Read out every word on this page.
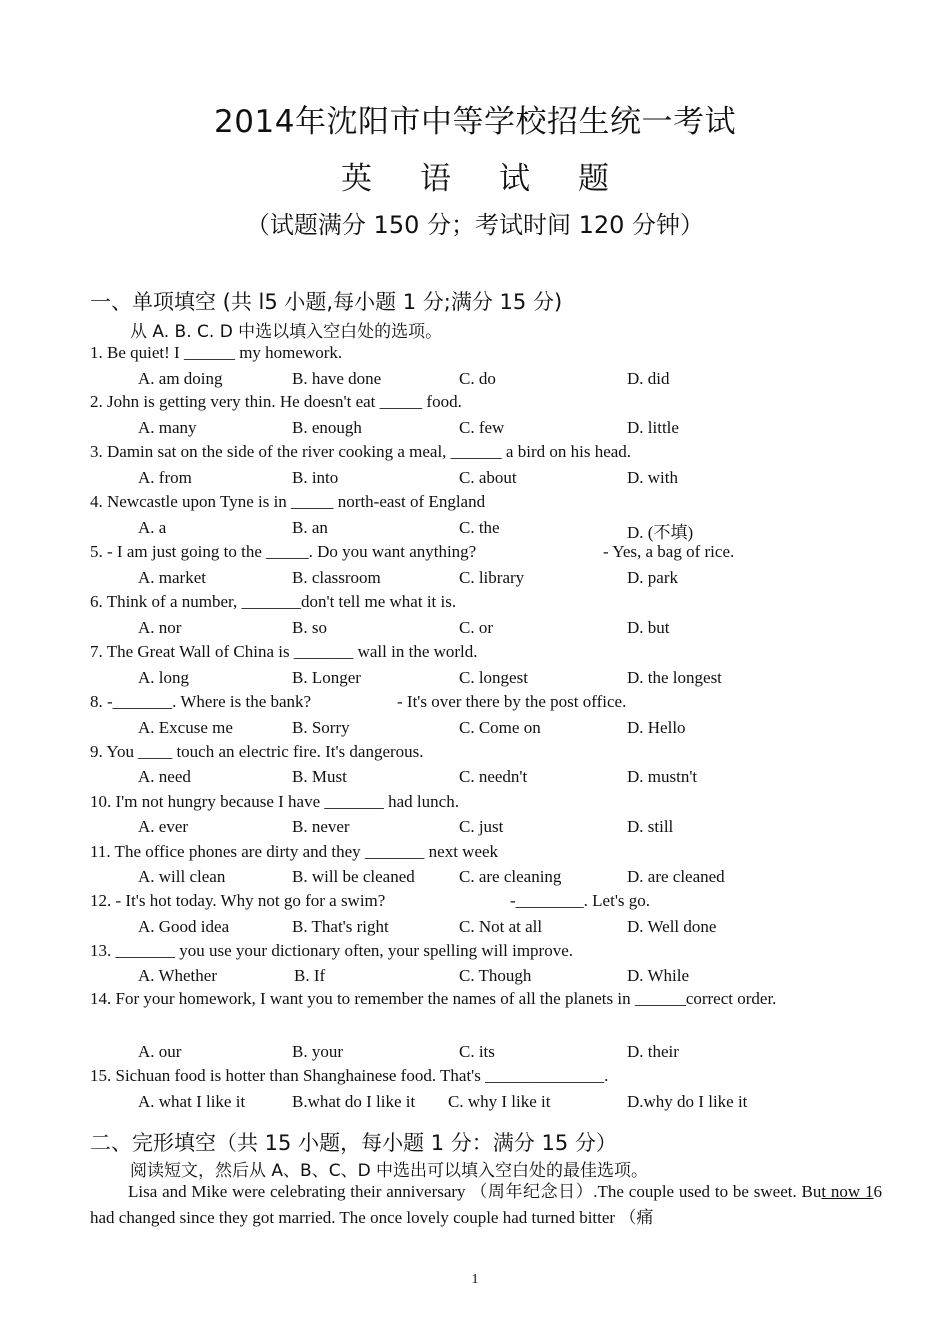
2014年沈阳市中等学校招生统一考试
英 语 试 题
（试题满分 150 分；考试时间 120 分钟）
一、单项填空 (共 l5 小题,每小题 1 分;满分 15 分)
从 A. B. C. D 中选以填入空白处的选项。
1. Be quiet! I ______ my homework.
A. am doing	B. have done	C. do	D. did
2. John is getting very thin. He doesn't eat _____ food.
A. many	B. enough	C. few	D. little
3. Damin sat on the side of the river cooking a meal, ______ a bird on his head.
A. from	B. into	C. about	D. with
4. Newcastle upon Tyne is in _____ north-east of England
A. a	B. an	C. the	D. (不填)
5. - I am just going to the _____. Do you want anything?	- Yes, a bag of rice.
A. market	B. classroom	C. library	D. park
6. Think of a number, _______don't tell me what it is.
A. nor	B. so	C. or	D. but
7. The Great Wall of China is _______ wall in the world.
A. long	B. Longer	C. longest	D. the longest
8. -_______. Where is the bank?	- It's over there by the post office.
A. Excuse me	B. Sorry	C. Come on	D. Hello
9. You ____ touch an electric fire. It's dangerous.
A. need	B. Must	C. needn't	D. mustn't
10. I'm not hungry because I have _______ had lunch.
A. ever	B. never	C. just	D. still
11. The office phones are dirty and they _______ next week
A. will clean	B. will be cleaned	C. are cleaning	D. are cleaned
12. - It's hot today. Why not go for a swim?	-________. Let's go.
A. Good idea	B. That's right	C. Not at all	D. Well done
13. _______ you use your dictionary often, your spelling will improve.
A. Whether	B. If	C. Though	D. While
14. For your homework, I want you to remember the names of all the planets in ______correct order.
A. our	B. your	C. its	D. their
15. Sichuan food is hotter than Shanghainese food. That's ______________.
A. what I like it	B.what do I like it C. why I like it	D.why do I like it
二、完形填空（共 15 小题，每小题 1 分：满分 15 分）
阅读短文，然后从 A、B、C、D 中选出可以填入空白处的最佳选项。
Lisa and Mike were celebrating their anniversary （周年纪念日）.The couple used to be sweet. But now 16 had changed since they got married. The once lovely couple had turned bitter （痛
1
